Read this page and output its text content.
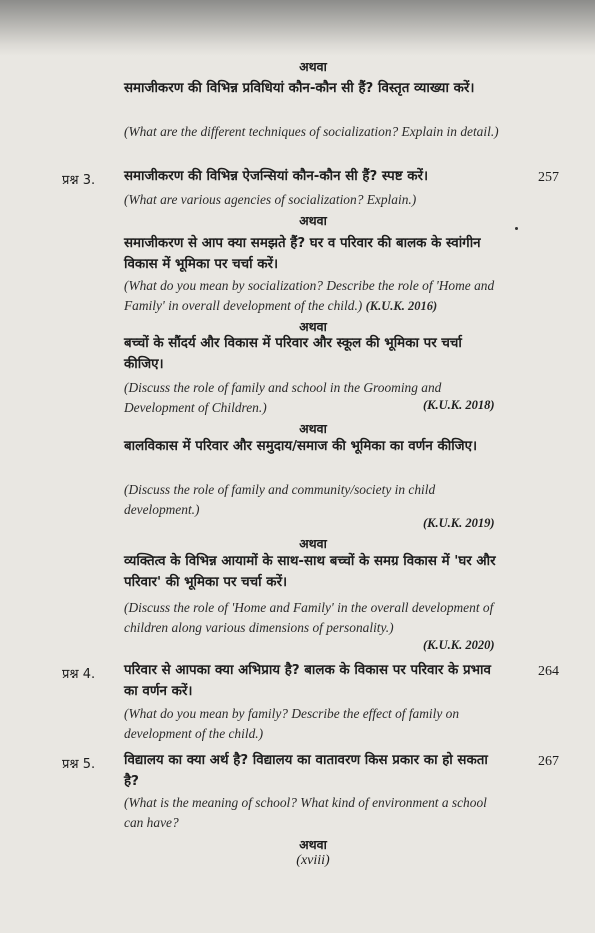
अथवा

समाजीकरण की विभिन्न प्रविधियां कौन-कौन सी हैं? विस्तृत व्याख्या करें।

(What are the different techniques of socialization? Explain in detail.)

प्रश्न 3.	257

समाजीकरण की विभिन्न ऐजन्सियां कौन-कौन सी हैं? स्पष्ट करें।

(What are various agencies of socialization? Explain.)

अथवा

समाजीकरण से आप क्या समझते हैं? घर व परिवार की बालक के स्वांगीन विकास में भूमिका पर चर्चा करें।

(What do you mean by socialization? Describe the role of 'Home and Family' in overall development of the child.) (K.U.K. 2016)

अथवा

बच्चों के सौंदर्य और विकास में परिवार और स्कूल की भूमिका पर चर्चा कीजिए।

(Discuss the role of family and school in the Grooming and Development of Children.)	(K.U.K. 2018)
अथवा

बालविकास में परिवार और समुदाय/समाज की भूमिका का वर्णन कीजिए।

(Discuss the role of family and community/society in child development.)

(K.U.K. 2019)
अथवा

व्यक्तित्व के विभिन्न आयामों के साथ-साथ बच्चों के समग्र विकास में 'घर और परिवार' की भूमिका पर चर्चा करें।

(Discuss the role of 'Home and Family' in the overall development of children along various dimensions of personality.)

(K.U.K. 2020)
प्रश्न 4.	264

परिवार से आपका क्या अभिप्राय है? बालक के विकास पर परिवार के प्रभाव का वर्णन करें।

(What do you mean by family? Describe the effect of family on development of the child.)

प्रश्न 5.	267

विद्यालय का क्या अर्थ है? विद्यालय का वातावरण किस प्रकार का हो सकता है?

(What is the meaning of school? What kind of environment a school can have?

अथवा
(xviii)
